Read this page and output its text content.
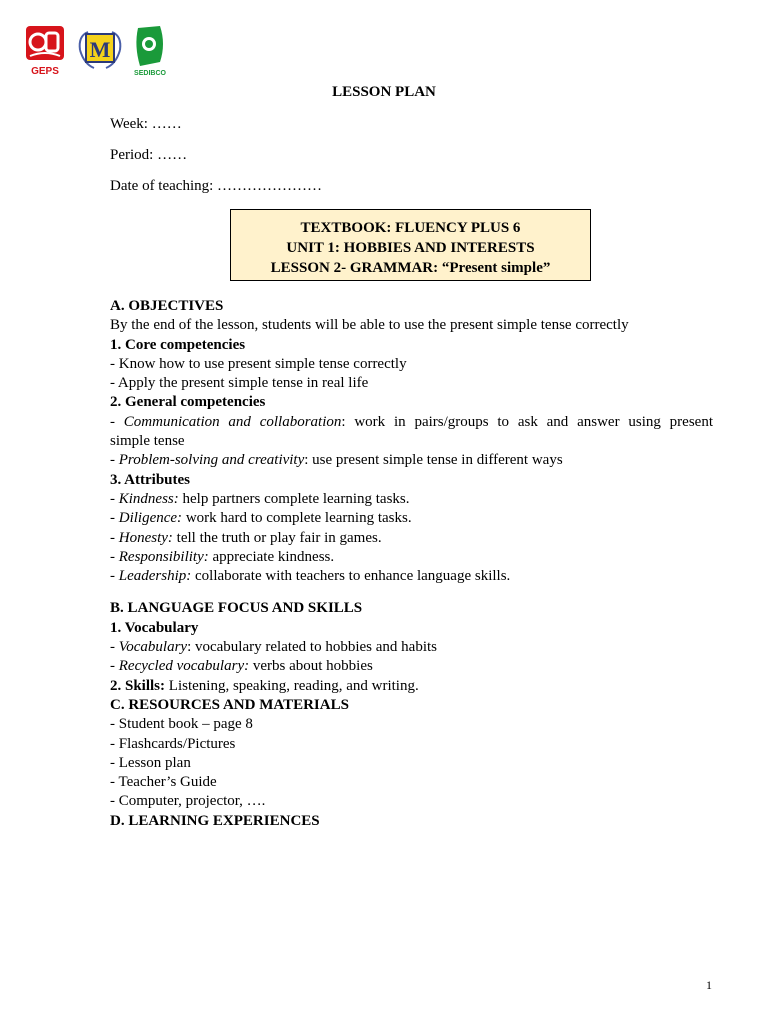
GEPS
M
SEDIBCO
LESSON PLAN
Week: ……
Period: ……
Date of teaching: …………………
TEXTBOOK: FLUENCY PLUS 6
UNIT 1: HOBBIES AND INTERESTS
LESSON 2- GRAMMAR: “Present simple”
A. OBJECTIVES
By the end of the lesson, students will be able to use the present simple tense correctly
1. Core competencies
- Know how to use present simple tense correctly
- Apply the present simple tense in real life
2. General competencies
- Communication and collaboration: work in pairs/groups to ask and answer using present
simple tense
- Problem-solving and creativity: use present simple tense in different ways
3. Attributes
- Kindness: help partners complete learning tasks.
- Diligence: work hard to complete learning tasks.
- Honesty: tell the truth or play fair in games.
- Responsibility: appreciate kindness.
- Leadership: collaborate with teachers to enhance language skills.
B. LANGUAGE FOCUS AND SKILLS
1. Vocabulary
- Vocabulary: vocabulary related to hobbies and habits
- Recycled vocabulary: verbs about hobbies
2. Skills: Listening, speaking, reading, and writing.
C. RESOURCES AND MATERIALS
- Student book – page 8
- Flashcards/Pictures
- Lesson plan
- Teacher’s Guide
- Computer, projector, ….
D. LEARNING EXPERIENCES
1
